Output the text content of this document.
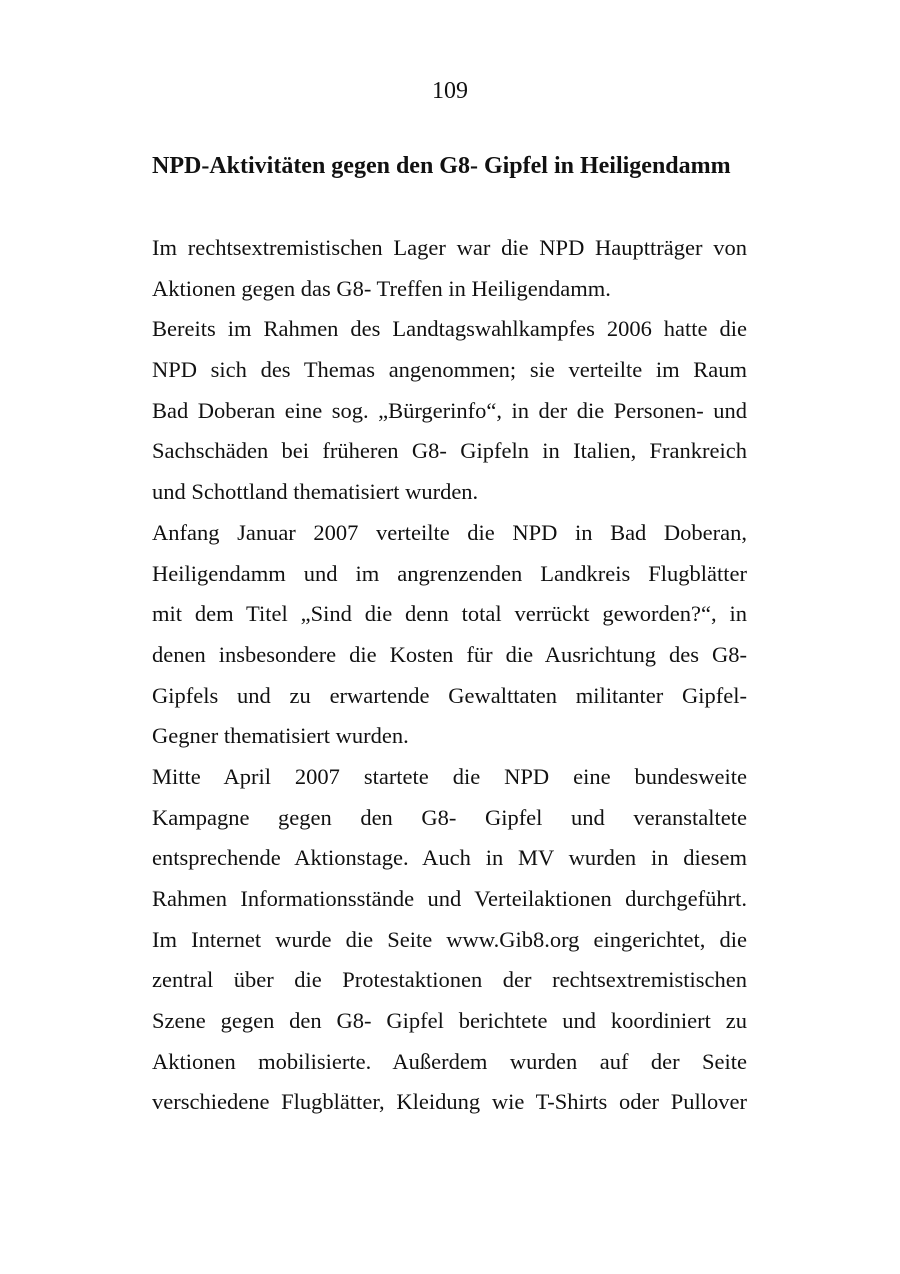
109
NPD-Aktivitäten gegen den G8- Gipfel in Heiligendamm
Im rechtsextremistischen Lager war die NPD Hauptträger von
Aktionen gegen das G8- Treffen in Heiligendamm.
Bereits im Rahmen des Landtagswahlkampfes 2006 hatte die
NPD sich des Themas angenommen; sie verteilte im Raum
Bad Doberan eine sog. „Bürgerinfo“, in der die Personen- und
Sachschäden bei früheren G8- Gipfeln in Italien, Frankreich
und Schottland thematisiert wurden.
Anfang Januar 2007 verteilte die NPD in Bad Doberan,
Heiligendamm und im angrenzenden Landkreis Flugblätter
mit dem Titel „Sind die denn total verrückt geworden?“, in
denen insbesondere die Kosten für die Ausrichtung des G8-
Gipfels und zu erwartende Gewalttaten militanter Gipfel-
Gegner thematisiert wurden.
Mitte April 2007 startete die NPD eine bundesweite
Kampagne gegen den G8- Gipfel und veranstaltete
entsprechende Aktionstage. Auch in MV wurden in diesem
Rahmen Informationsstände und Verteilaktionen durchgeführt.
Im Internet wurde die Seite www.Gib8.org eingerichtet, die
zentral über die Protestaktionen der rechtsextremistischen
Szene gegen den G8- Gipfel berichtete und koordiniert zu
Aktionen mobilisierte. Außerdem wurden auf der Seite
verschiedene Flugblätter, Kleidung wie T-Shirts oder Pullover
